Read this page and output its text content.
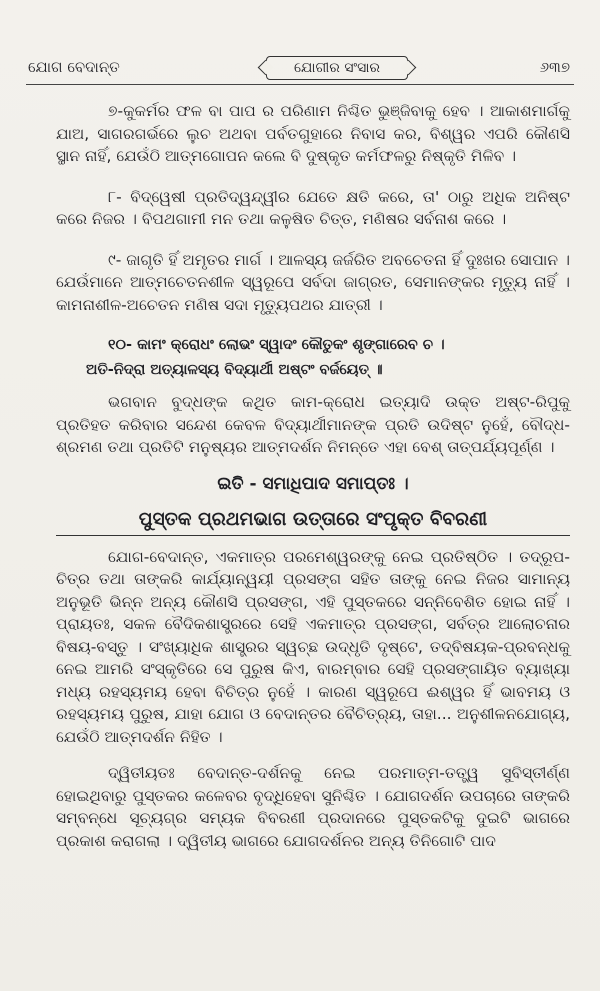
ଯୋଗ ବେଦାନ୍ତ	ଯୋଗୀର ସଂସାର	୬୩୭

୭-କୁକର୍ମର ଫଳ ବା ପାପ ର ପରିଣାମ ନିଶ୍ଚିତ ଭୁଞ୍ଜିବାକୁ ହେବ । ଆକାଶମାର୍ଗକୁ ଯାଅ, ସାଗରଗର୍ଭରେ ଲୁଚ ଅଥବା ପର୍ବତଗୁହାରେ ନିବାସ କର, ବିଶ୍ୱର ଏପରି କୌଣସି ସ୍ଥାନ ନାହିଁ, ଯେଉଁଠି ଆତ୍ମଗୋପନ କଲେ ବି ଦୁଷ୍କୃତ କର୍ମଫଳରୁ ନିଷ୍କୃତି ମିଳିବ ।

୮- ବିଦ୍ୱେଷୀ ପ୍ରତିଦ୍ୱନ୍ଦ୍ୱୀର ଯେତେ କ୍ଷତି କରେ, ତା' ଠାରୁ ଅଧିକ ଅନିଷ୍ଟ କରେ ନିଜର । ବିପଥଗାମୀ ମନ ତଥା କଳୁଷିତ ଚିତ୍ତ, ମଣିଷର ସର୍ବନାଶ କରେ ।

୯- ଜାଗୃତି ହିଁ ଅମୃତର ମାର୍ଗ । ଆଳସ୍ୟ ଜର୍ଜରିତ ଅବଚେତନା ହିଁ ଦୁଃଖର ସୋପାନ । ଯେଉଁମାନେ ଆତ୍ମଚେତନଶୀଳ ସ୍ୱରୂପେ ସର୍ବଦା ଜାଗ୍ରତ, ସେମାନଙ୍କର ମୃତ୍ୟୁ ନାହିଁ । କାମନାଶୀଳ-ଅଚେତନ ମଣିଷ ସଦା ମୃତ୍ୟୁପଥର ଯାତ୍ରୀ ।

୧୦- କାମଂ କ୍ରୋଧଂ ଲୋଭଂ ସ୍ୱାଦଂ କୌତୁକଂ ଶୃଙ୍ଗାରେବ ଚ ।

ଅତି-ନିଦ୍ରା ଅତ୍ୟାଳସ୍ୟ ବିଦ୍ୟାର୍ଥୀ ଅଷ୍ଟଂ ବର୍ଜୟେତ୍ ॥

ଭଗବାନ ବୁଦ୍ଧଙ୍କ କଥିତ କାମ-କ୍ରୋଧ ଇତ୍ୟାଦି ଉକ୍ତ ଅଷ୍ଟ-ରିପୁକୁ ପ୍ରତିହତ କରିବାର ସନ୍ଦେଶ କେବଳ ବିଦ୍ୟାର୍ଥୀମାନଙ୍କ ପ୍ରତି ଉଦିଷ୍ଟ ନୁହେଁ, ବୌଦ୍ଧ-ଶ୍ରମଣ ତଥା ପ୍ରତିଟି ମନୁଷ୍ୟର ଆତ୍ମଦର୍ଶନ ନିମନ୍ତେ ଏହା ବେଶ୍ ତାତ୍ପର୍ଯ୍ୟପୂର୍ଣ୍ଣ ।

ଇତି - ସମାଧିପାଦ ସମାପ୍ତଃ ।
ପୁସ୍ତକ ପ୍ରଥମଭାଗ ଉତ୍ତାରେ ସଂପୃକ୍ତ ବିବରଣୀ

ଯୋଗ-ବେଦାନ୍ତ, ଏକମାତ୍ର ପରମେଶ୍ୱରଙ୍କୁ ନେଇ ପ୍ରତିଷ୍ଠିତ । ତଦ୍ରୂପ-ଚିତ୍ର ତଥା ତାଙ୍କରି କାର୍ଯ୍ୟାନ୍ୱୟୀ ପ୍ରସଙ୍ଗ ସହିତ ତାଙ୍କୁ ନେଇ ନିଜର ସାମାନ୍ୟ ଅନୁଭୂତି ଭିନ୍ନ ଅନ୍ୟ କୌଣସି ପ୍ରସଙ୍ଗ, ଏହି ପୁସ୍ତକରେ ସନ୍ନିବେଶିତ ହୋଇ ନାହିଁ । ପ୍ରାୟତଃ, ସକଳ ବୈଦିକଶାସ୍ତ୍ରରେ ସେହି ଏକମାତ୍ର ପ୍ରସଙ୍ଗ, ସର୍ବତ୍ର ଆଲୋଚନାର ବିଷୟ-ବସ୍ତୁ । ସଂଖ୍ୟାଧିକ ଶାସ୍ତ୍ରର ସ୍ୱଚ୍ଛ ଉଦ୍ଧୃତି ଦୃଷ୍ଟେ, ତଦ୍ବିଷୟକ-ପ୍ରବନ୍ଧକୁ ନେଇ ଆମରି ସଂସ୍କୃତିରେ ସେ ପୁରୁଷ କିଏ, ବାରମ୍ବାର ସେହି ପ୍ରସଙ୍ଗାୟିତ ବ୍ୟାଖ୍ୟା ମଧ୍ୟ ରହସ୍ୟମୟ ହେବା ବିଚିତ୍ର ନୁହେଁ । କାରଣ ସ୍ୱରୂପେ ଈଶ୍ୱର ହିଁ ଭାବମୟ ଓ ରହସ୍ୟମୟ ପୁରୁଷ, ଯାହା ଯୋଗ ଓ ବେଦାନ୍ତର ବୈଚିତ୍ର୍ୟ, ତାହା... ଅନୁଶୀଳନଯୋଗ୍ୟ, ଯେଉଁଠି ଆତ୍ମଦର୍ଶନ ନିହିତ ।

ଦ୍ୱିତୀୟତଃ ବେଦାନ୍ତ-ଦର୍ଶନକୁ ନେଇ ପରମାତ୍ମ-ତତ୍ତ୍ୱ ସୁବିସ୍ତୀର୍ଣ୍ଣ ହୋଇଥିବାରୁ ପୁସ୍ତକର କଳେବର ବୃଦ୍ଧିହେବା ସୁନିଶ୍ଚିତ । ଯୋଗଦର୍ଶନ ଉପଚାରେ ତାଙ୍କରି ସମ୍ବନ୍ଧେ ସୂଚ୍ୟଗ୍ର ସମ୍ୟକ ବିବରଣୀ ପ୍ରଦାନରେ ପୁସ୍ତକଟିକୁ ଦୁଇଟି ଭାଗରେ ପ୍ରକାଶ କରାଗଲା । ଦ୍ୱିତୀୟ ଭାଗରେ ଯୋଗଦର୍ଶନର ଅନ୍ୟ ତିନିଗୋଟି ପାଦ
